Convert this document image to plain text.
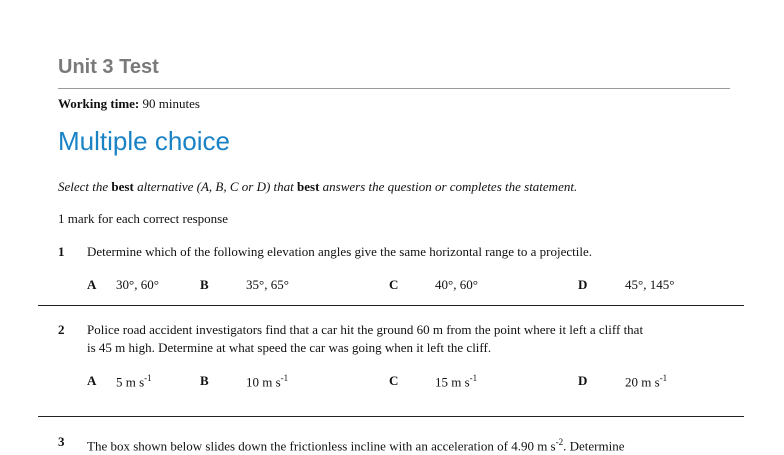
Unit 3 Test
Working time: 90 minutes
Multiple choice
Select the best alternative (A, B, C or D) that best answers the question or completes the statement.
1 mark for each correct response
1 Determine which of the following elevation angles give the same horizontal range to a projectile.
A 30°, 60°	B	35°, 65°	C	40°, 60°	D	45°, 145°
2 Police road accident investigators find that a car hit the ground 60 m from the point where it left a cliff that
is 45 m high. Determine at what speed the car was going when it left the cliff.
A 5 m $s^{-1}$	B	10 m $s^{-1}$	C	15 m $s^{-1}$	D	20 m $s^{-1}$
3 The box shown below slides down the frictionless incline with an acceleration of 4.90 m $s^{-2}$. Determine
